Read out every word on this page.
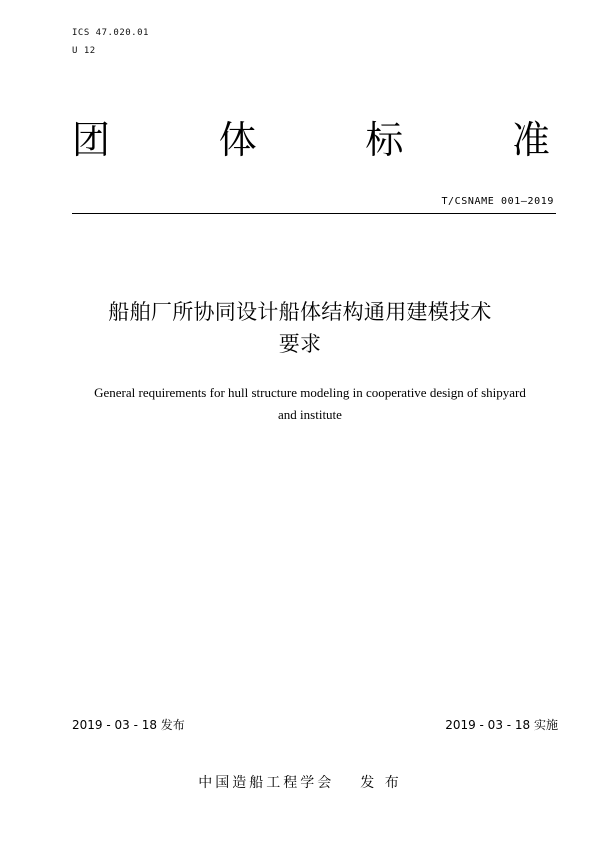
ICS 47.020.01
U 12
团	体	标	准
T/CSNAME 001—2019
船舶厂所协同设计船体结构通用建模技术
要求
General requirements for hull structure modeling in cooperative design of shipyard
and institute
2019 - 03 - 18 发布	2019 - 03 - 18 实施
中国造船工程学会 发 布
